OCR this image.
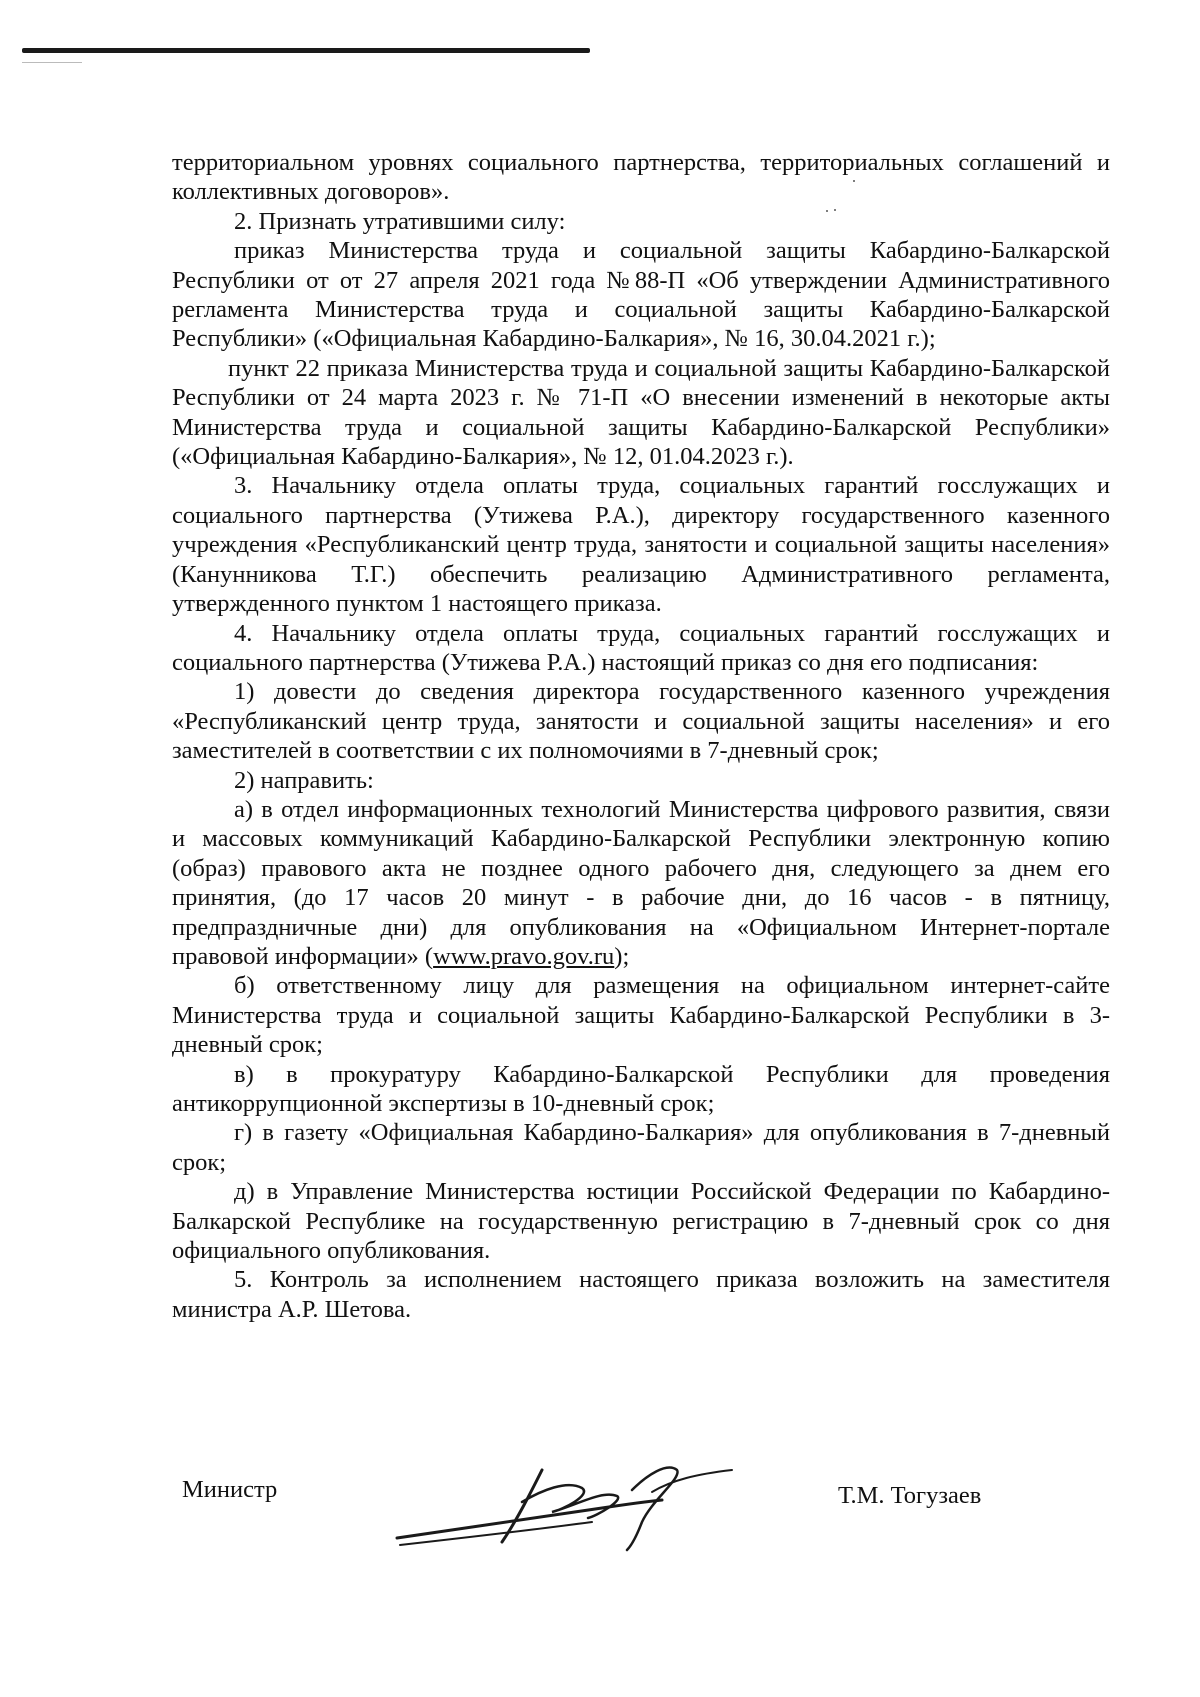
территориальном уровнях социального партнерства, территориальных соглашений и коллективных договоров».

2. Признать утратившими силу:

приказ Министерства труда и социальной защиты Кабардино-Балкарской Республики от от 27 апреля 2021 года №88-П «Об утверждении Административного регламента Министерства труда и социальной защиты Кабардино-Балкарской Республики» («Официальная Кабардино-Балкария», № 16, 30.04.2021 г.);

пункт 22 приказа Министерства труда и социальной защиты Кабардино-Балкарской Республики от 24 марта 2023 г. № 71-П «О внесении изменений в некоторые акты Министерства труда и социальной защиты Кабардино-Балкарской Республики» («Официальная Кабардино-Балкария», № 12, 01.04.2023 г.).

3. Начальнику отдела оплаты труда, социальных гарантий госслужащих и социального партнерства (Утижева Р.А.), директору государственного казенного учреждения «Республиканский центр труда, занятости и социальной защиты населения» (Канунникова Т.Г.) обеспечить реализацию Административного регламента, утвержденного пунктом 1 настоящего приказа.

4. Начальнику отдела оплаты труда, социальных гарантий госслужащих и социального партнерства (Утижева Р.А.) настоящий приказ со дня его подписания:

1) довести до сведения директора государственного казенного учреждения «Республиканский центр труда, занятости и социальной защиты населения» и его заместителей в соответствии с их полномочиями в 7-дневный срок;

2) направить:

а) в отдел информационных технологий Министерства цифрового развития, связи и массовых коммуникаций Кабардино-Балкарской Республики электронную копию (образ) правового акта не позднее одного рабочего дня, следующего за днем его принятия, (до 17 часов 20 минут - в рабочие дни, до 16 часов - в пятницу, предпраздничные дни) для опубликования на «Официальном Интернет-портале правовой информации» (www.pravo.gov.ru);

б) ответственному лицу для размещения на официальном интернет-сайте Министерства труда и социальной защиты Кабардино-Балкарской Республики в 3-дневный срок;

в) в прокуратуру Кабардино-Балкарской Республики для проведения антикоррупционной экспертизы в 10-дневный срок;

г) в газету «Официальная Кабардино-Балкария» для опубликования в 7-дневный срок;

д) в Управление Министерства юстиции Российской Федерации по Кабардино-Балкарской Республике на государственную регистрацию в 7-дневный срок со дня официального опубликования.

5. Контроль за исполнением настоящего приказа возложить на заместителя министра А.Р. Шетова.

Министр	Т.М. Тогузаев
